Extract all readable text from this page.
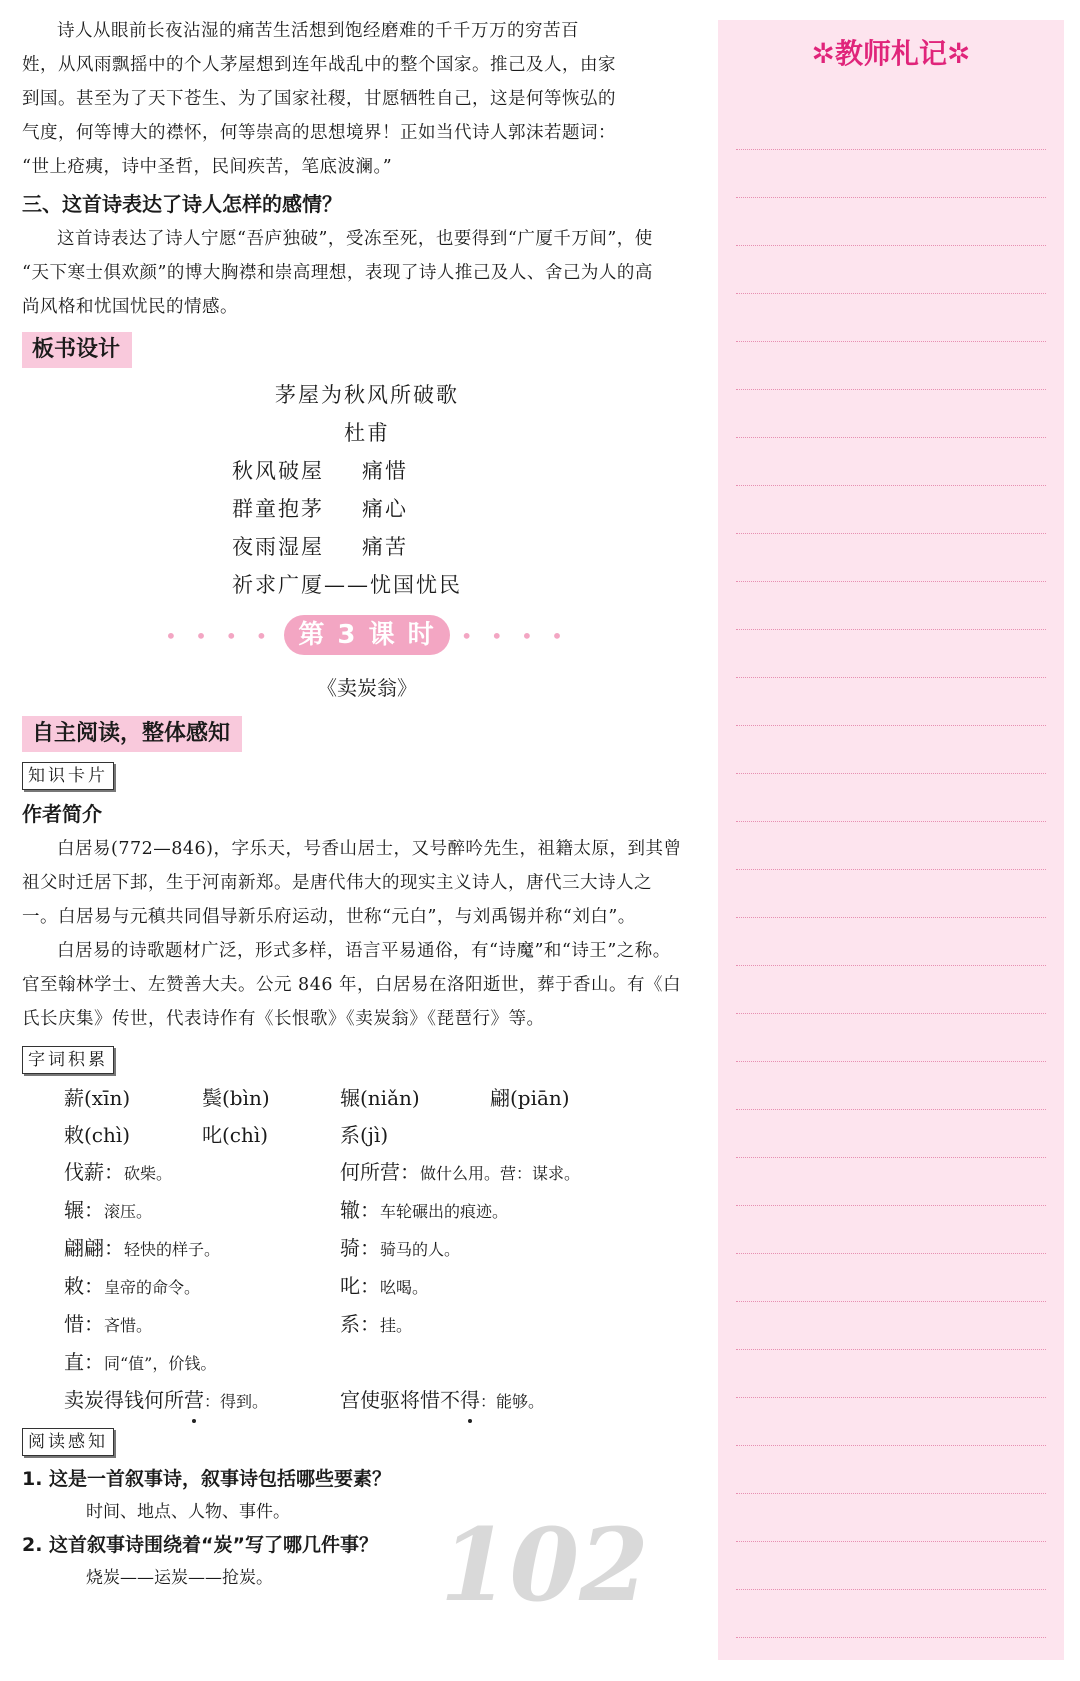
诗人从眼前长夜沾湿的痛苦生活想到饱经磨难的千千万万的穷苦百

姓，从风雨飘摇中的个人茅屋想到连年战乱中的整个国家。推己及人，由家

到国。甚至为了天下苍生、为了国家社稷，甘愿牺牲自己，这是何等恢弘的

气度，何等博大的襟怀，何等崇高的思想境界！正如当代诗人郭沫若题词：

“世上疮痍，诗中圣哲，民间疾苦，笔底波澜。”

三、这首诗表达了诗人怎样的感情？

这首诗表达了诗人宁愿“吾庐独破”，受冻至死，也要得到“广厦千万间”，使

“天下寒士俱欢颜”的博大胸襟和崇高理想，表现了诗人推己及人、舍己为人的高

尚风格和忧国忧民的情感。

板书设计
茅屋为秋风所破歌
杜甫
秋风破屋 痛惜
群童抱茅 痛心
夜雨湿屋 痛苦
祈求广厦——忧国忧民
• • • • 第 3 课 时 • • • •
《卖炭翁》
自主阅读，整体感知
知识卡片
作者简介

白居易(772—846)，字乐天，号香山居士，又号醉吟先生，祖籍太原，到其曾

祖父时迁居下邽，生于河南新郑。是唐代伟大的现实主义诗人，唐代三大诗人之

一。白居易与元稹共同倡导新乐府运动，世称“元白”，与刘禹锡并称“刘白”。

白居易的诗歌题材广泛，形式多样，语言平易通俗，有“诗魔”和“诗王”之称。

官至翰林学士、左赞善大夫。公元 846 年，白居易在洛阳逝世，葬于香山。有《白

氏长庆集》传世，代表诗作有《长恨歌》《卖炭翁》《琵琶行》等。

字词积累
薪(xīn)	鬓(bìn)	辗(niǎn)	翩(piān)
敕(chì)	叱(chì)	系(jì)
伐薪：砍柴。	何所营：做什么用。营：谋求。
辗：滚压。	辙：车轮碾出的痕迹。
翩翩：轻快的样子。	骑：骑马的人。
敕：皇帝的命令。	叱：吆喝。
惜：吝惜。	系：挂。
直：同“值”，价钱。
卖炭得钱何所营：得到。	宫使驱将惜不得：能够。
阅读感知
1. 这是一首叙事诗，叙事诗包括哪些要素？
时间、地点、人物、事件。
2. 这首叙事诗围绕着“炭”写了哪几件事？
烧炭——运炭——抢炭。	102
✲教师札记✲
